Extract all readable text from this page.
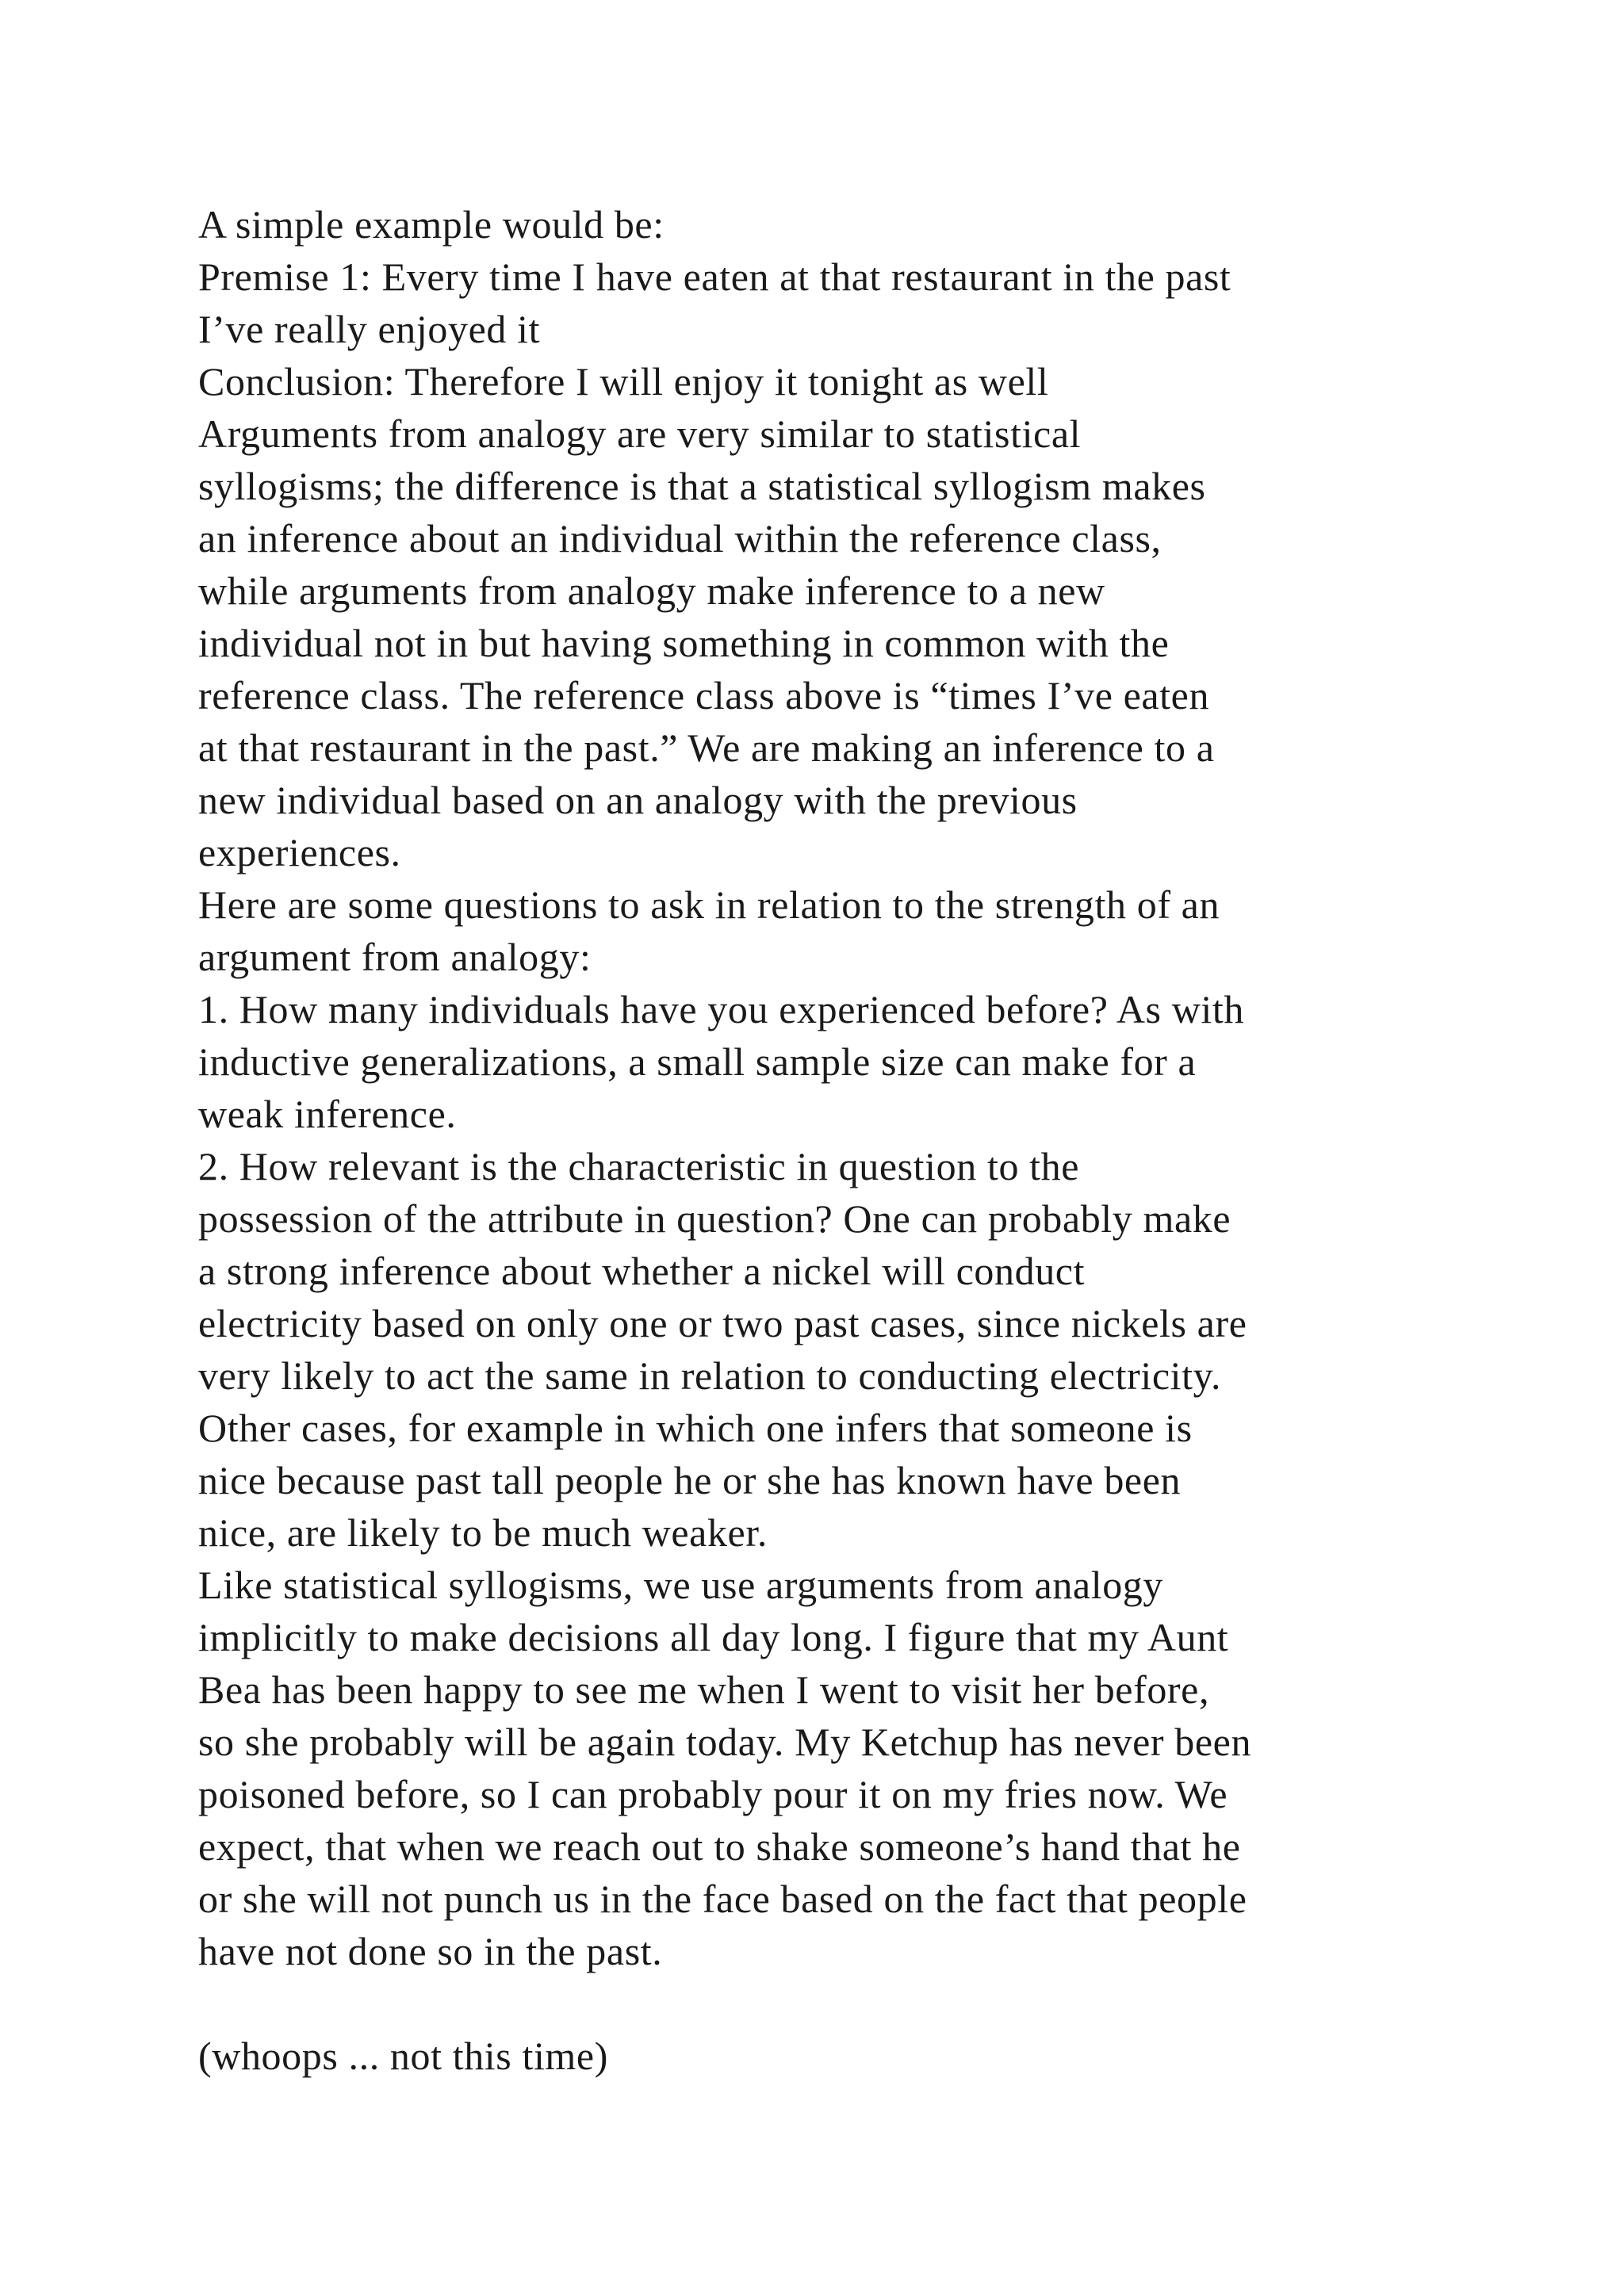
A simple example would be:
Premise 1: Every time I have eaten at that restaurant in the past
I’ve really enjoyed it
Conclusion: Therefore I will enjoy it tonight as well
Arguments from analogy are very similar to statistical
syllogisms; the difference is that a statistical syllogism makes
an inference about an individual within the reference class,
while arguments from analogy make inference to a new
individual not in but having something in common with the
reference class. The reference class above is “times I’ve eaten
at that restaurant in the past.” We are making an inference to a
new individual based on an analogy with the previous
experiences.
Here are some questions to ask in relation to the strength of an
argument from analogy:
1. How many individuals have you experienced before? As with
inductive generalizations, a small sample size can make for a
weak inference.
2. How relevant is the characteristic in question to the
possession of the attribute in question? One can probably make
a strong inference about whether a nickel will conduct
electricity based on only one or two past cases, since nickels are
very likely to act the same in relation to conducting electricity.
Other cases, for example in which one infers that someone is
nice because past tall people he or she has known have been
nice, are likely to be much weaker.
Like statistical syllogisms, we use arguments from analogy
implicitly to make decisions all day long. I figure that my Aunt
Bea has been happy to see me when I went to visit her before,
so she probably will be again today. My Ketchup has never been
poisoned before, so I can probably pour it on my fries now. We
expect, that when we reach out to shake someone’s hand that he
or she will not punch us in the face based on the fact that people
have not done so in the past.
(whoops ... not this time)
